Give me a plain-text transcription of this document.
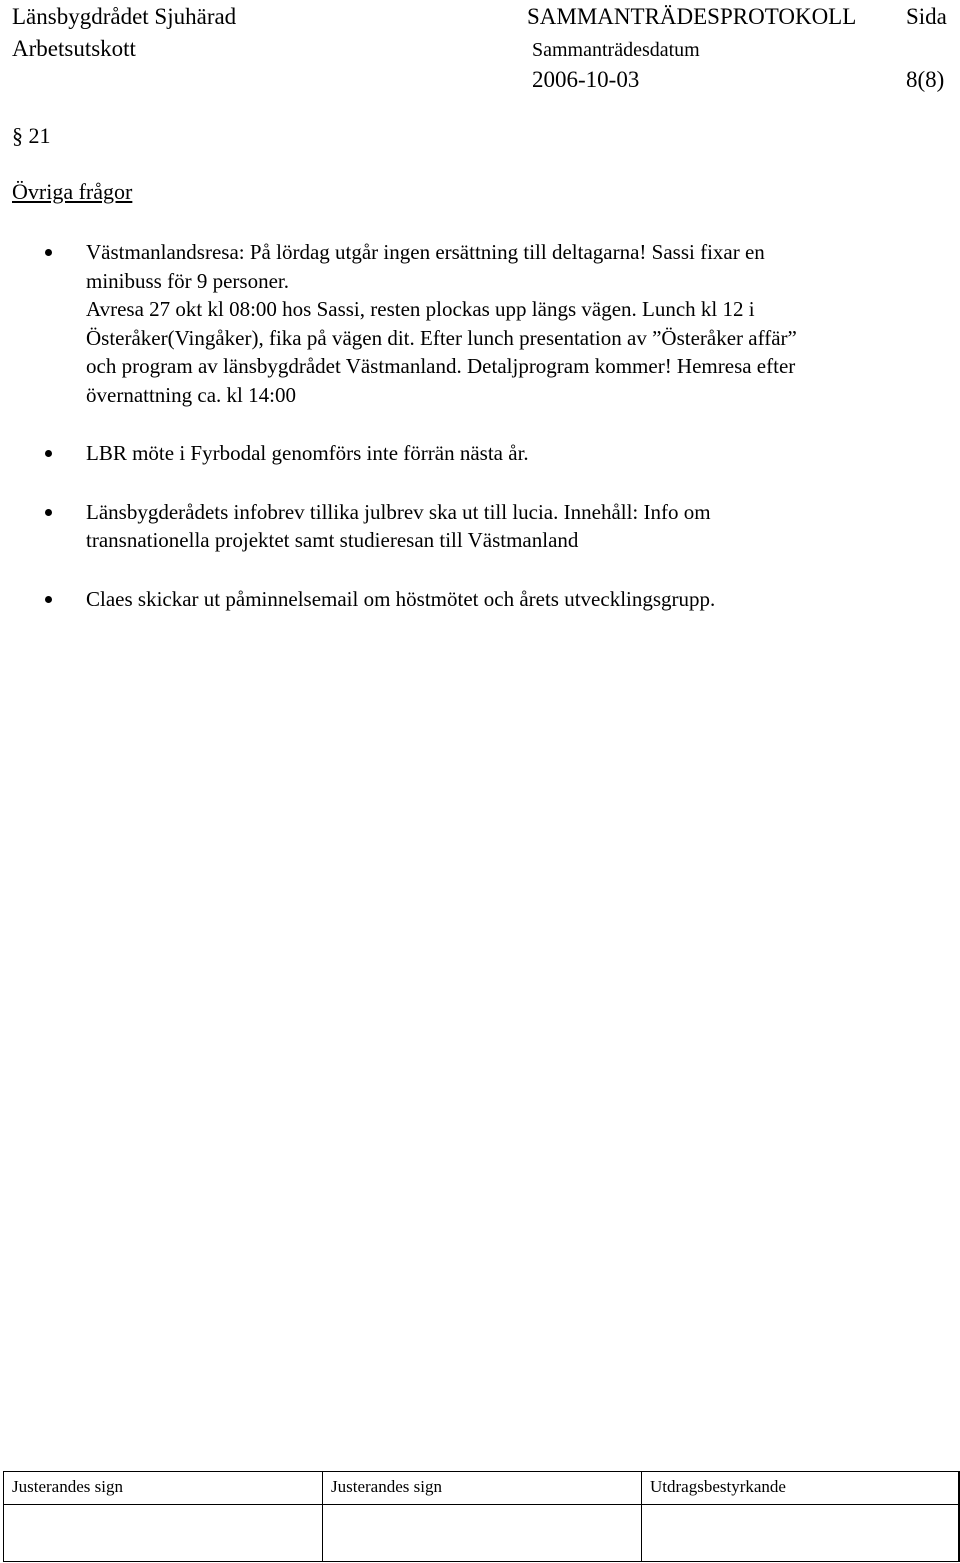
Länsbygdrådet Sjuhärad	SAMMANTRÄDESPROTOKOLL Sida
Arbetsutskott	Sammanträdesdatum
2006-10-03	8(8)
§ 21
Övriga frågor
Västmanlandsresa: På lördag utgår ingen ersättning till deltagarna! Sassi fixar en
minibuss för 9 personer.
Avresa 27 okt kl 08:00 hos Sassi, resten plockas upp längs vägen. Lunch kl 12 i
Österåker(Vingåker), fika på vägen dit. Efter lunch presentation av ”Österåker affär”
och program av länsbygdrådet Västmanland. Detaljprogram kommer! Hemresa efter
övernattning ca. kl 14:00
LBR möte i Fyrbodal genomförs inte förrän nästa år.
Länsbygderådets infobrev tillika julbrev ska ut till lucia. Innehåll: Info om
transnationella projektet samt studieresan till Västmanland
Claes skickar ut påminnelsemail om höstmötet och årets utvecklingsgrupp.
Justerandes sign	Justerandes sign	Utdragsbestyrkande
